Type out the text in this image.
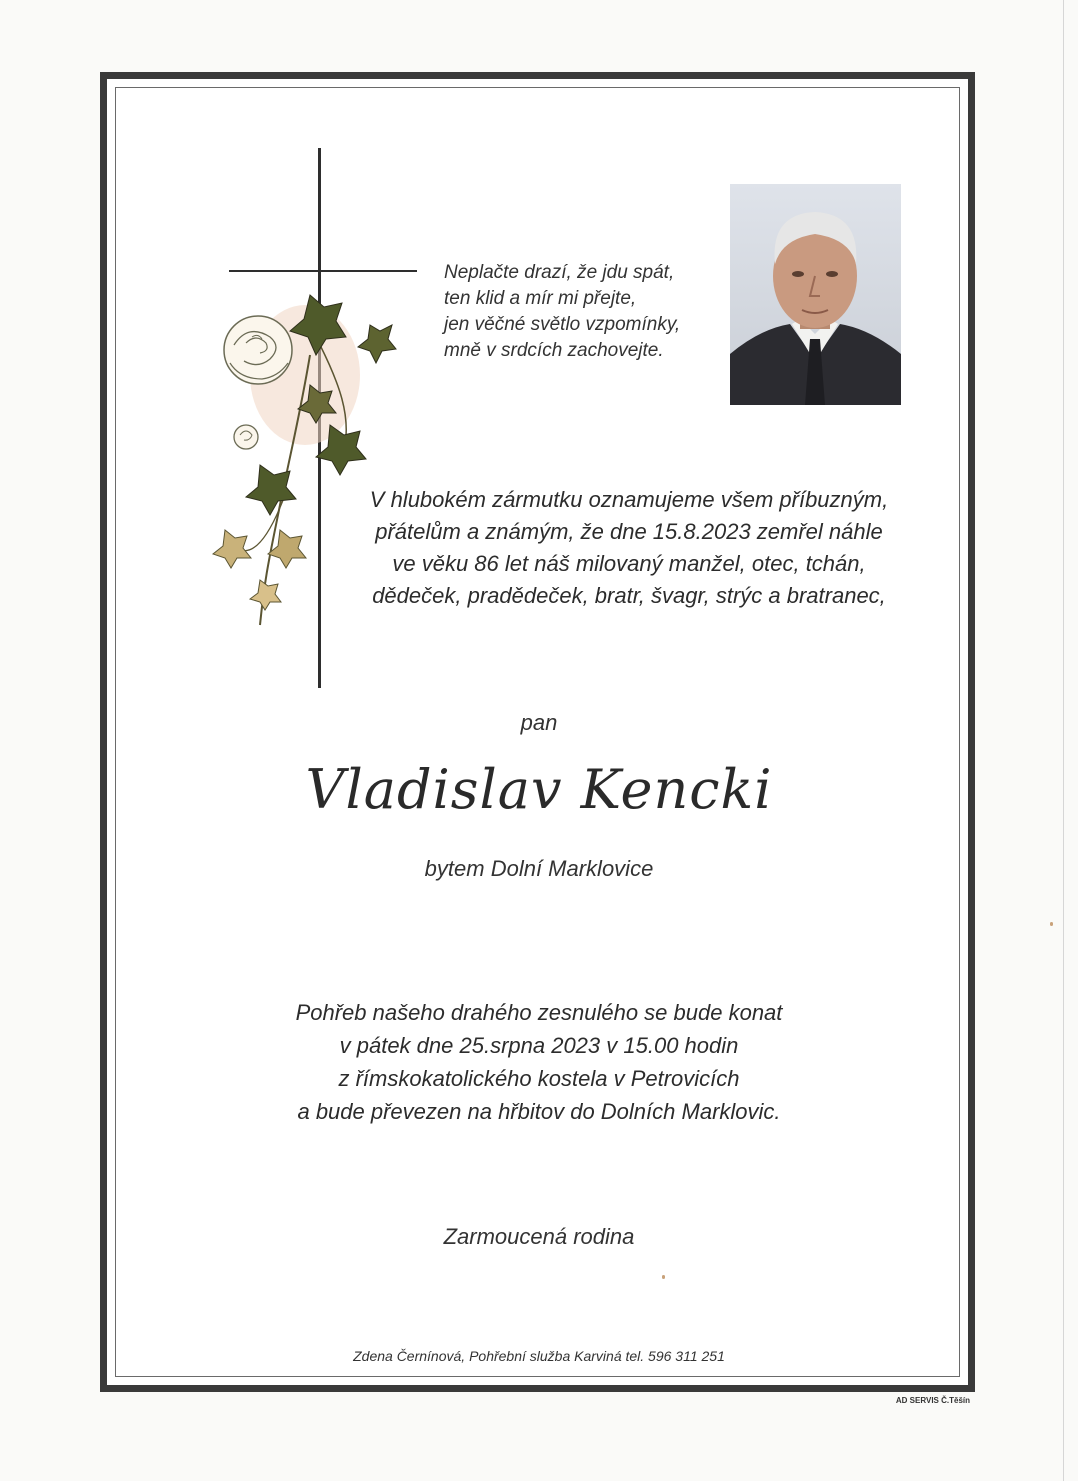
Neplačte drazí, že jdu spát,
ten klid a mír mi přejte,
jen věčné světlo vzpomínky,
mně v srdcích zachovejte.
V hlubokém zármutku oznamujeme všem příbuzným,
přátelům a známým, že dne 15.8.2023 zemřel náhle
ve věku 86 let náš milovaný manžel, otec, tchán,
dědeček, pradědeček, bratr, švagr, strýc a bratranec,
pan
Vladislav Kencki
bytem Dolní Marklovice
Pohřeb našeho drahého zesnulého se bude konat
v pátek dne 25.srpna 2023 v 15.00 hodin
z římskokatolického kostela v Petrovicích
a bude převezen na hřbitov do Dolních Marklovic.
Zarmoucená rodina
Zdena Černínová, Pohřební služba Karviná tel. 596 311 251
AD SERVIS Č.Těšín
